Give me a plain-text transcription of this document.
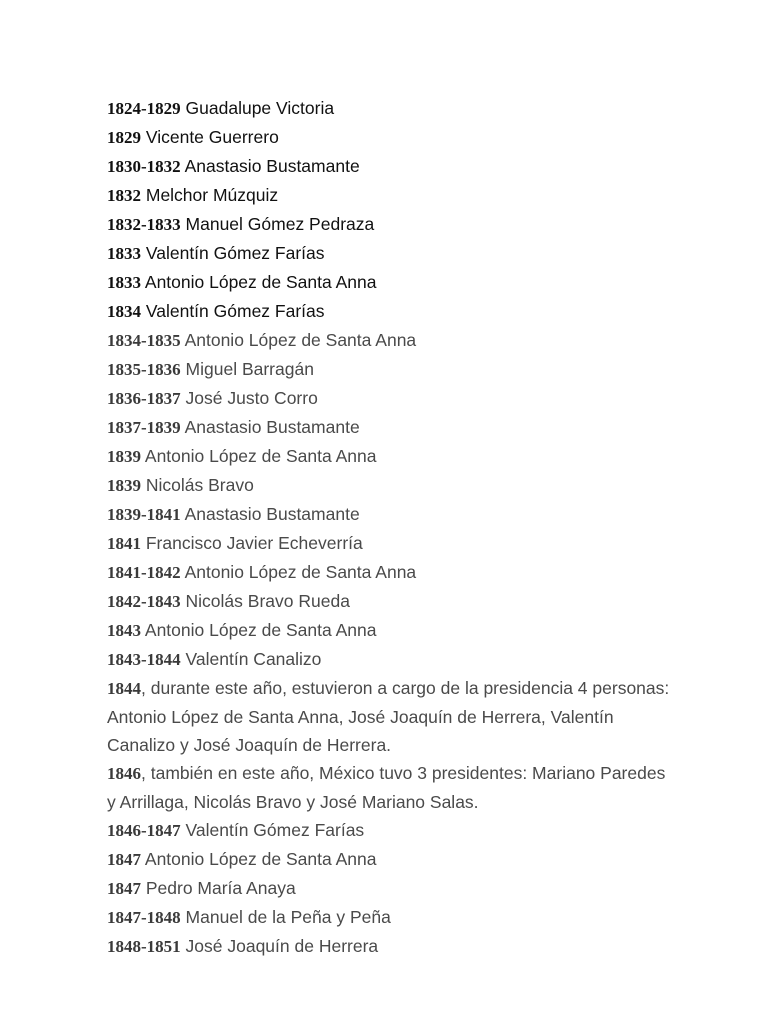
1824-1829 Guadalupe Victoria
1829 Vicente Guerrero
1830-1832 Anastasio Bustamante
1832 Melchor Múzquiz
1832-1833 Manuel Gómez Pedraza
1833 Valentín Gómez Farías
1833 Antonio López de Santa Anna
1834 Valentín Gómez Farías
1834-1835 Antonio López de Santa Anna
1835-1836 Miguel Barragán
1836-1837 José Justo Corro
1837-1839 Anastasio Bustamante
1839 Antonio López de Santa Anna
1839 Nicolás Bravo
1839-1841 Anastasio Bustamante
1841 Francisco Javier Echeverría
1841-1842 Antonio López de Santa Anna
1842-1843 Nicolás Bravo Rueda
1843 Antonio López de Santa Anna
1843-1844 Valentín Canalizo
1844, durante este año, estuvieron a cargo de la presidencia 4 personas: Antonio López de Santa Anna, José Joaquín de Herrera, Valentín Canalizo y José Joaquín de Herrera.
1846, también en este año, México tuvo 3 presidentes: Mariano Paredes y Arrillaga, Nicolás Bravo y José Mariano Salas.
1846-1847 Valentín Gómez Farías
1847 Antonio López de Santa Anna
1847 Pedro María Anaya
1847-1848 Manuel de la Peña y Peña
1848-1851 José Joaquín de Herrera
